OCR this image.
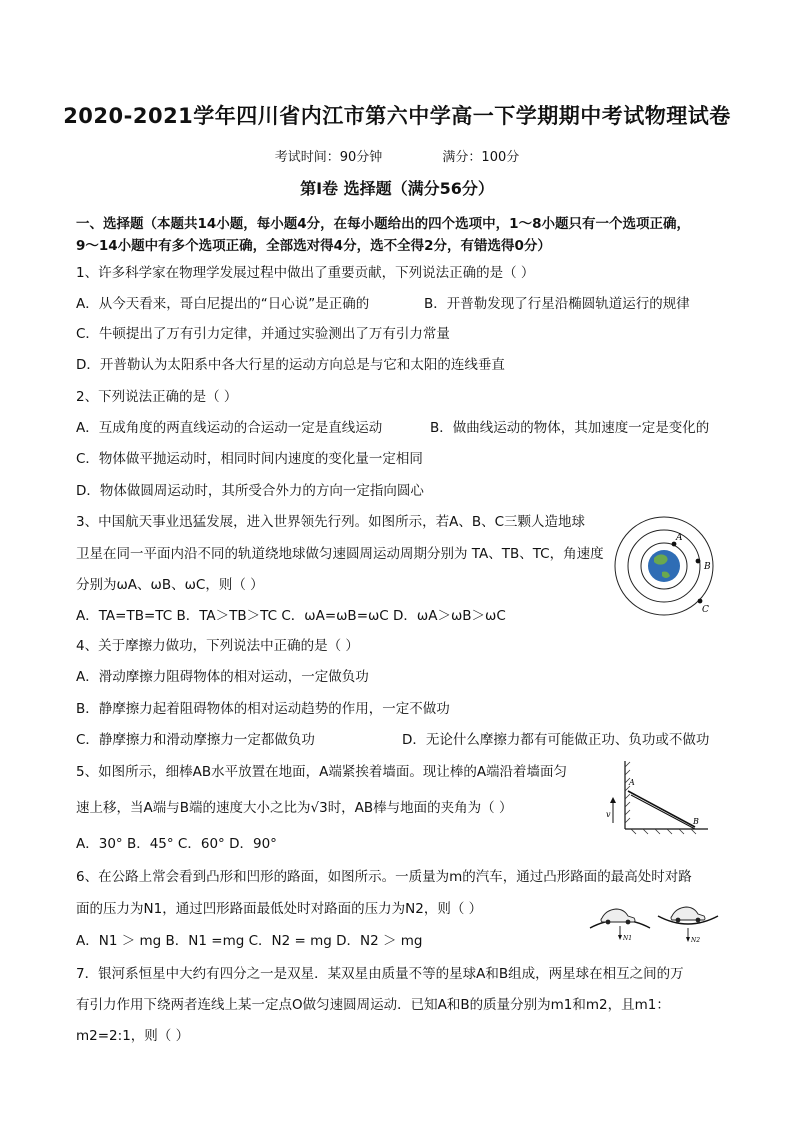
2020-2021学年四川省内江市第六中学高一下学期期中考试物理试卷
考试时间：90分钟	满分：100分
第Ⅰ卷 选择题（满分56分）
一、选择题（本题共14小题，每小题4分，在每小题给出的四个选项中，1～8小题只有一个选项正确，
9～14小题中有多个选项正确，全部选对得4分，选不全得2分，有错选得0分）
1、许多科学家在物理学发展过程中做出了重要贡献，下列说法正确的是（ ）
A．从今天看来，哥白尼提出的“日心说”是正确的	B．开普勒发现了行星沿椭圆轨道运行的规律
C．牛顿提出了万有引力定律，并通过实验测出了万有引力常量
D．开普勒认为太阳系中各大行星的运动方向总是与它和太阳的连线垂直
2、下列说法正确的是（ ）
A．互成角度的两直线运动的合运动一定是直线运动	B．做曲线运动的物体，其加速度一定是变化的
C．物体做平抛运动时，相同时间内速度的变化量一定相同
D．物体做圆周运动时，其所受合外力的方向一定指向圆心
3、中国航天事业迅猛发展，进入世界领先行列。如图所示，若A、B、C三颗人造地球
卫星在同一平面内沿不同的轨道绕地球做匀速圆周运动周期分别为 TA、TB、TC，角速度
分别为ωA、ωB、ωC，则（ ）
A．TA=TB=TC B．TA＞TB＞TC C．ωA=ωB=ωC D．ωA＞ωB＞ωC
A
B
C
4、关于摩擦力做功，下列说法中正确的是（ ）
A．滑动摩擦力阻碍物体的相对运动，一定做负功
B．静摩擦力起着阻碍物体的相对运动趋势的作用，一定不做功
C．静摩擦力和滑动摩擦力一定都做负功	D．无论什么摩擦力都有可能做正功、负功或不做功
5、如图所示，细棒AB水平放置在地面，A端紧挨着墙面。现让棒的A端沿着墙面匀
速上移，当A端与B端的速度大小之比为√3时，AB棒与地面的夹角为（ ）
A．30° B．45° C．60° D．90°
v
A
B
6、在公路上常会看到凸形和凹形的路面，如图所示。一质量为m的汽车，通过凸形路面的最高处时对路
面的压力为N1，通过凹形路面最低处时对路面的压力为N2，则（ ）
A．N1 ＞ mg B．N1 =mg C．N2 = mg D．N2 ＞ mg	N1	N2
7．银河系恒星中大约有四分之一是双星．某双星由质量不等的星球A和B组成，两星球在相互之间的万
有引力作用下绕两者连线上某一定点O做匀速圆周运动．已知A和B的质量分别为m1和m2，且m1：
m2=2:1，则（ ）
